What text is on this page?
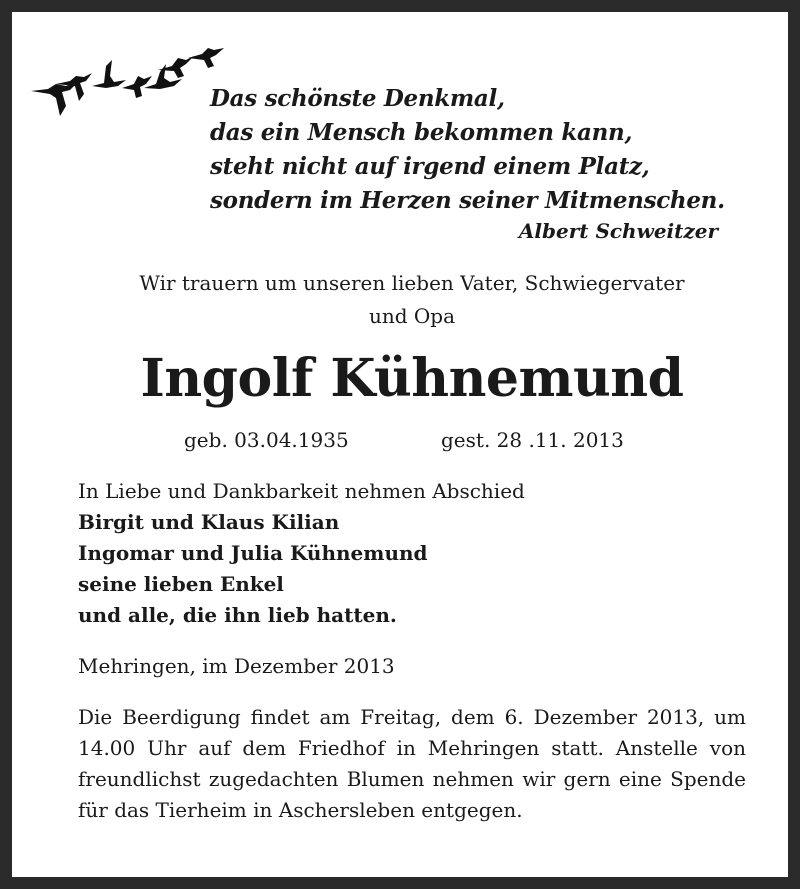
Das schönste Denkmal,
das ein Mensch bekommen kann,
steht nicht auf irgend einem Platz,
sondern im Herzen seiner Mitmenschen.
Albert Schweitzer
Wir trauern um unseren lieben Vater, Schwiegervater
und Opa
Ingolf Kühnemund
geb. 03.04.1935	gest. 28 .11. 2013
In Liebe und Dankbarkeit nehmen Abschied
Birgit und Klaus Kilian
Ingomar und Julia Kühnemund
seine lieben Enkel
und alle, die ihn lieb hatten.
Mehringen, im Dezember 2013
Die Beerdigung findet am Freitag, dem 6. Dezember 2013, um 14.00 Uhr auf dem Friedhof in Mehringen statt. Anstelle von freundlichst zugedachten Blumen nehmen wir gern eine Spende für das Tierheim in Aschersleben entgegen.
